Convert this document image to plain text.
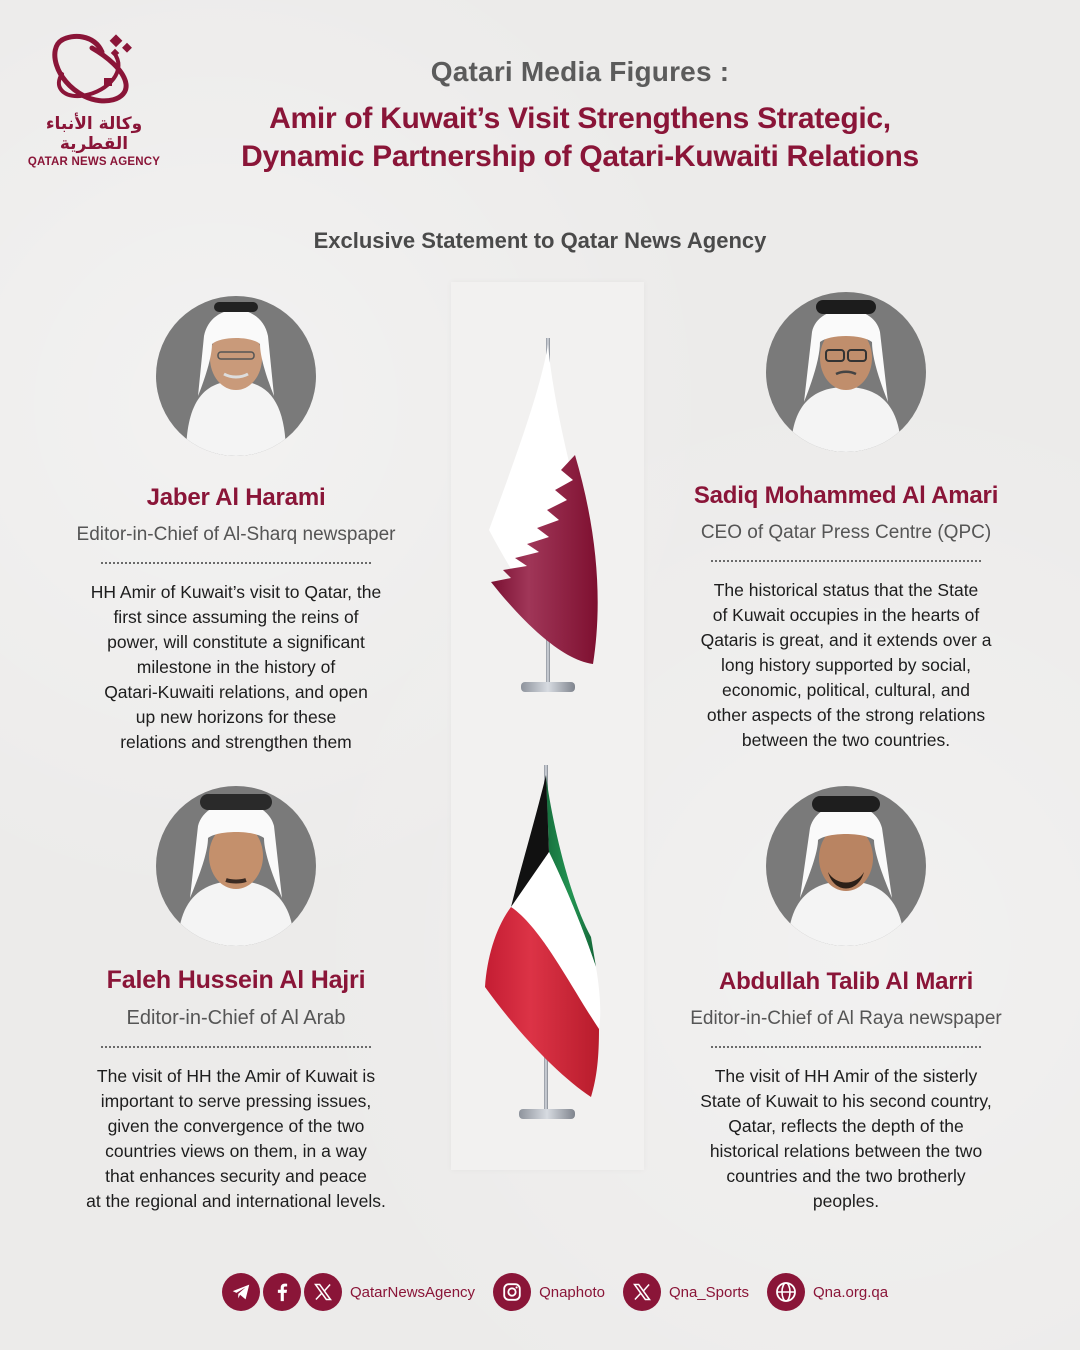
وكالة الأنباء القطرية
QATAR NEWS AGENCY
Qatari Media Figures :
Amir of Kuwait’s Visit Strengthens Strategic,
Dynamic Partnership of Qatari-Kuwaiti Relations
Exclusive Statement to Qatar News Agency
Jaber Al Harami
Editor-in-Chief of Al-Sharq newspaper
HH Amir of Kuwait’s visit to Qatar, the
first since assuming the reins of
power, will constitute a significant
milestone in the history of
Qatari-Kuwaiti relations, and open
up new horizons for these
relations and strengthen them
Sadiq Mohammed Al Amari
CEO of Qatar Press Centre (QPC)
The historical status that the State
of Kuwait occupies in the hearts of
Qataris is great, and it extends over a
long history supported by social,
economic, political, cultural, and
other aspects of the strong relations
between the two countries.
Faleh Hussein Al Hajri
Editor-in-Chief of Al Arab
The visit of HH the Amir of Kuwait is
important to serve pressing issues,
given the convergence of the two
countries views on them, in a way
that enhances security and peace
at the regional and international levels.
Abdullah Talib Al Marri
Editor-in-Chief of Al Raya newspaper
The visit of HH Amir of the sisterly
State of Kuwait to his second country,
Qatar, reflects the depth of the
historical relations between the two
countries and the two brotherly
peoples.
QatarNewsAgency	Qnaphoto	Qna_Sports	Qna.org.qa
